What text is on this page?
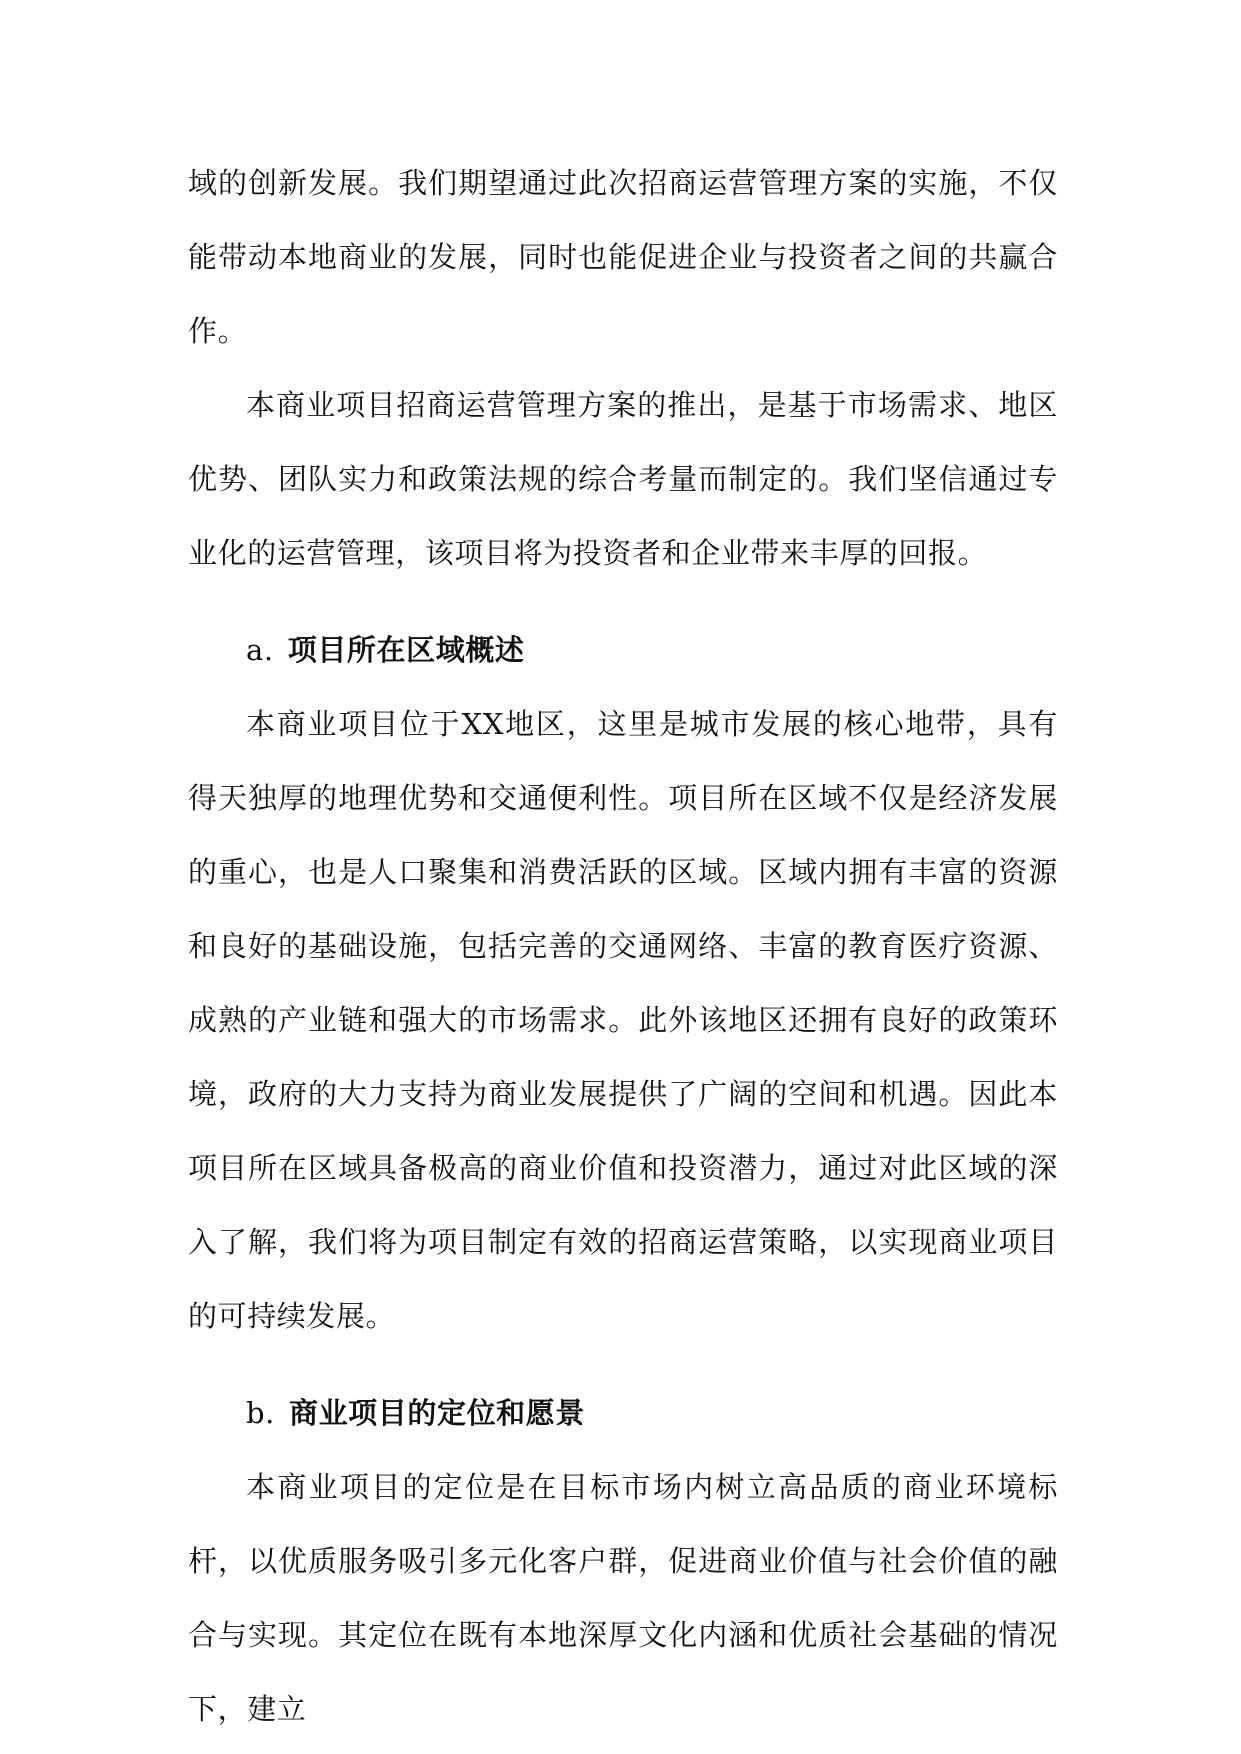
域的创新发展。我们期望通过此次招商运营管理方案的实施，不仅能带动本地商业的发展，同时也能促进企业与投资者之间的共赢合作。

本商业项目招商运营管理方案的推出，是基于市场需求、地区优势、团队实力和政策法规的综合考量而制定的。我们坚信通过专业化的运营管理，该项目将为投资者和企业带来丰厚的回报。

a. 项目所在区域概述

本商业项目位于XX地区，这里是城市发展的核心地带，具有得天独厚的地理优势和交通便利性。项目所在区域不仅是经济发展的重心，也是人口聚集和消费活跃的区域。区域内拥有丰富的资源和良好的基础设施，包括完善的交通网络、丰富的教育医疗资源、成熟的产业链和强大的市场需求。此外该地区还拥有良好的政策环境，政府的大力支持为商业发展提供了广阔的空间和机遇。因此本项目所在区域具备极高的商业价值和投资潜力，通过对此区域的深入了解，我们将为项目制定有效的招商运营策略，以实现商业项目的可持续发展。

b. 商业项目的定位和愿景

本商业项目的定位是在目标市场内树立高品质的商业环境标杆，以优质服务吸引多元化客户群，促进商业价值与社会价值的融合与实现。其定位在既有本地深厚文化内涵和优质社会基础的情况下，建立
